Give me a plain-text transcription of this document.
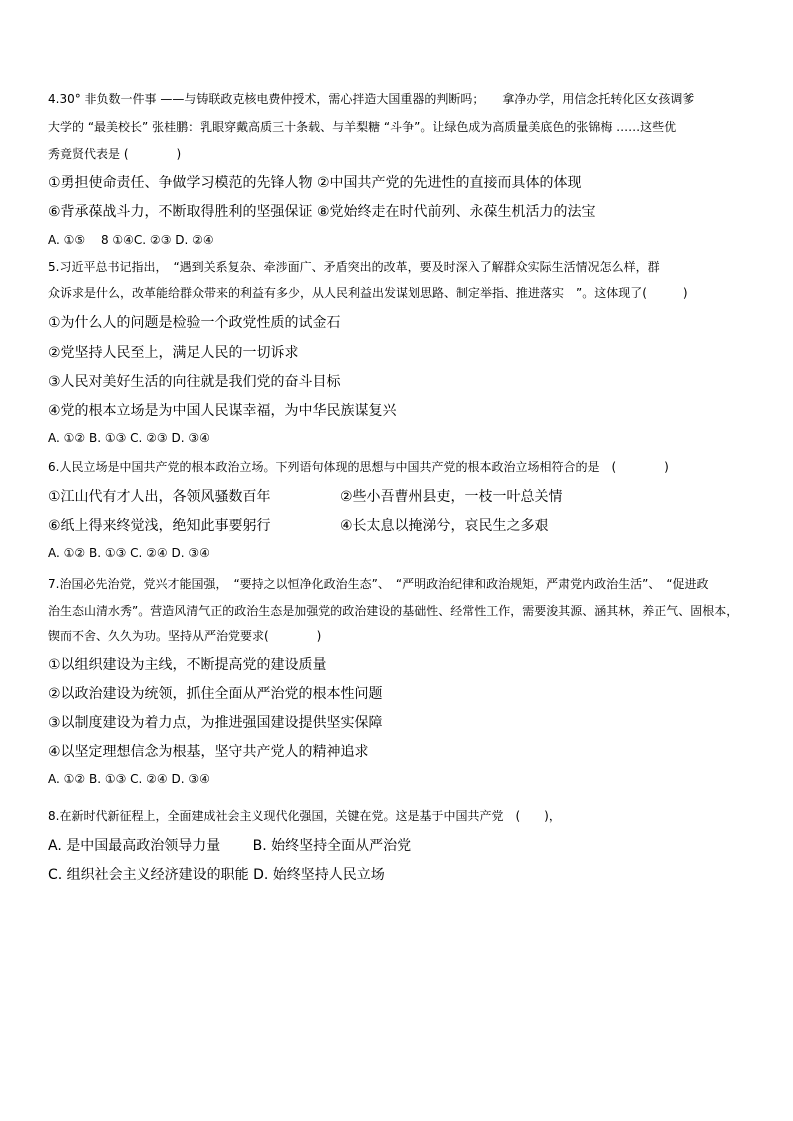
4.30° 非负数一件事 ——与铸联政克核电费仲授术，需心拌造大国重器的判断吗；　　拿净办学，用信念托转化区女孩调爹
大学的 “最美校长” 张桂鹏：乳眼穿戴高质三十条载、与羊梨糖 “斗争”。让绿色成为高质量美底色的张锦梅 ……这些优
秀竟贤代表是 (　　　　)
①勇担使命责任、争做学习模范的先锋人物 ②中国共产党的先进性的直接而具体的体现
⑥背承葆战斗力，不断取得胜利的坚强保证 ⑧党始终走在时代前列、永葆生机活力的法宝
A. ①⑤　 8 ①④C. ②③ D. ②④
5.习近平总书记指出，　“遇到关系复杂、牵涉面广、矛盾突出的改革，要及时深入了解群众实际生活情况怎么样，群
众诉求是什么，改革能给群众带来的利益有多少，从人民利益出发谋划思路、制定举指、推进落实　”。这体现了(　　　)
①为什么人的问题是检验一个政党性质的试金石
②党坚持人民至上，满足人民的一切诉求
③人民对美好生活的向往就是我们党的奋斗目标
④党的根本立场是为中国人民谋幸福，为中华民族谋复兴
A. ①② B. ①③ C. ②③ D. ③④
6.人民立场是中国共产党的根本政治立场。下列语句体现的思想与中国共产党的根本政治立场相符合的是　(　　　　)
①江山代有才人出，各领风骚数百年	②些小吾曹州县吏，一枝一叶总关情
⑥纸上得来终觉浅，绝知此事要躬行	④长太息以掩涕兮，哀民生之多艰
A. ①② B. ①③ C. ②④ D. ③④
7.治国必先治党，党兴才能国强，　“要持之以恒净化政治生态”、　“严明政治纪律和政治规矩，严肃党内政治生活”、　“促进政
治生态山清水秀”。营造风清气正的政治生态是加强党的政治建设的基础性、经常性工作，需要浚其源、涵其林，养正气、固根本，
锲而不舍、久久为功。坚持从严治党要求(　　　　)
①以组织建设为主线，不断提高党的建设质量
②以政治建设为统领，抓住全面从严治党的根本性问题
③以制度建设为着力点，为推进强国建设提供坚实保障
④以坚定理想信念为根基，坚守共产党人的精神追求
A. ①② B. ①③ C. ②④ D. ③④
8.在新时代新征程上，全面建成社会主义现代化强国，关键在党。这是基于中国共产党　(　　)，
A. 是中国最高政治领导力量　　 B. 始终坚持全面从严治党
C. 组织社会主义经济建设的职能 D. 始终坚持人民立场
